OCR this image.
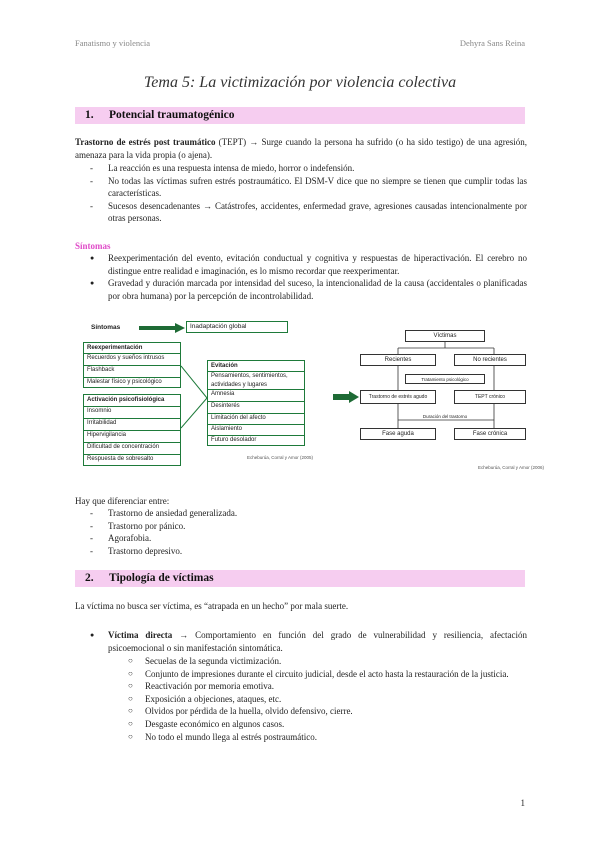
Fanatismo y violencia	Dehyra Sans Reina
Tema 5: La victimización por violencia colectiva
1. Potencial traumatogénico
Trastorno de estrés post traumático (TEPT) → Surge cuando la persona ha sufrido (o ha sido testigo) de una agresión, amenaza para la vida propia (o ajena).
- La reacción es una respuesta intensa de miedo, horror o indefensión.
- No todas las víctimas sufren estrés postraumático. El DSM-V dice que no siempre se tienen que cumplir todas las características.
- Sucesos desencadenantes → Catástrofes, accidentes, enfermedad grave, agresiones causadas intencionalmente por otras personas.
Síntomas
● Reexperimentación del evento, evitación conductual y cognitiva y respuestas de hiperactivación. El cerebro no distingue entre realidad e imaginación, es lo mismo recordar que reexperimentar.
● Gravedad y duración marcada por intensidad del suceso, la intencionalidad de la causa (accidentales o planificadas por obra humana) por la percepción de incontrolabilidad.
Síntomas	Inadaptación global
Reexperimentación
Recuerdos y sueños intrusos
Flashback
Malestar físico y psicológico
Activación psicofisiológica
Insomnio
Irritabilidad
Hipervigilancia
Dificultad de concentración
Respuesta de sobresalto
Evitación
Pensamientos, sentimientos, actividades y lugares
Amnesia
Desinterés
Limitación del afecto
Aislamiento
Futuro desolador
Echeburúa, Corral y Amor (2005)
Víctimas
Recientes	No recientes
Tratamiento psicológico
Trastorno de estrés agudo	TEPT crónico
Duración del trastorno
Fase aguda	Fase crónica
Echeburúa, Corral y Amor (2006)
Hay que diferenciar entre:
- Trastorno de ansiedad generalizada.
- Trastorno por pánico.
- Agorafobia.
- Trastorno depresivo.
2. Tipología de víctimas
La víctima no busca ser víctima, es “atrapada en un hecho” por mala suerte.
● Víctima directa → Comportamiento en función del grado de vulnerabilidad y resiliencia, afectación psicoemocional o sin manifestación sintomática.
○ Secuelas de la segunda victimización.
○ Conjunto de impresiones durante el circuito judicial, desde el acto hasta la restauración de la justicia.
○ Reactivación por memoria emotiva.
○ Exposición a objeciones, ataques, etc.
○ Olvidos por pérdida de la huella, olvido defensivo, cierre.
○ Desgaste económico en algunos casos.
○ No todo el mundo llega al estrés postraumático.
1
